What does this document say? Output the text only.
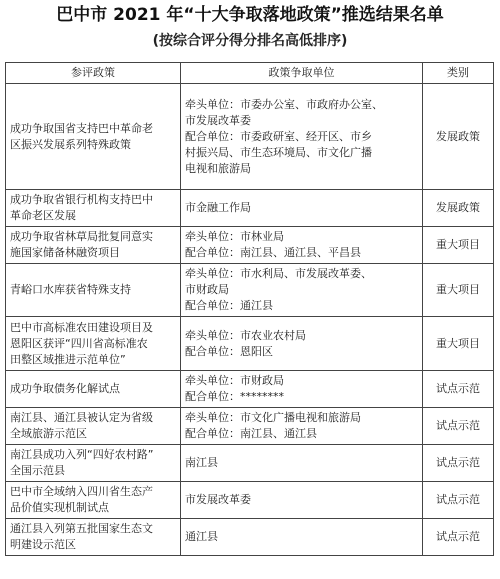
巴中市 2021 年“十大争取落地政策”推选结果名单
(按综合评分得分排名高低排序)
参评政策	政策争取单位	类别

成功争取国省支持巴中革命老
区振兴发展系列特殊政策	牵头单位：市委办公室、市政府办公室、
市发展改革委
配合单位：市委政研室、经开区、市乡
村振兴局、市生态环境局、市文化广播
电视和旅游局	发展政策

成功争取省银行机构支持巴中
革命老区发展	市金融工作局	发展政策

成功争取省林草局批复同意实
施国家储备林融资项目	牵头单位：市林业局
配合单位：南江县、通江县、平昌县	重大项目

青峪口水库获省特殊支持	牵头单位：市水利局、市发展改革委、
市财政局
配合单位：通江县	重大项目

巴中市高标准农田建设项目及
恩阳区获评“四川省高标准农
田整区域推进示范单位”	牵头单位：市农业农村局
配合单位：恩阳区	重大项目

成功争取债务化解试点	牵头单位：市财政局
配合单位：********	试点示范

南江县、通江县被认定为省级
全域旅游示范区	牵头单位：市文化广播电视和旅游局
配合单位：南江县、通江县	试点示范

南江县成功入列“四好农村路”
全国示范县	南江县	试点示范

巴中市全域纳入四川省生态产
品价值实现机制试点	市发展改革委	试点示范

通江县入列第五批国家生态文
明建设示范区	通江县	试点示范
